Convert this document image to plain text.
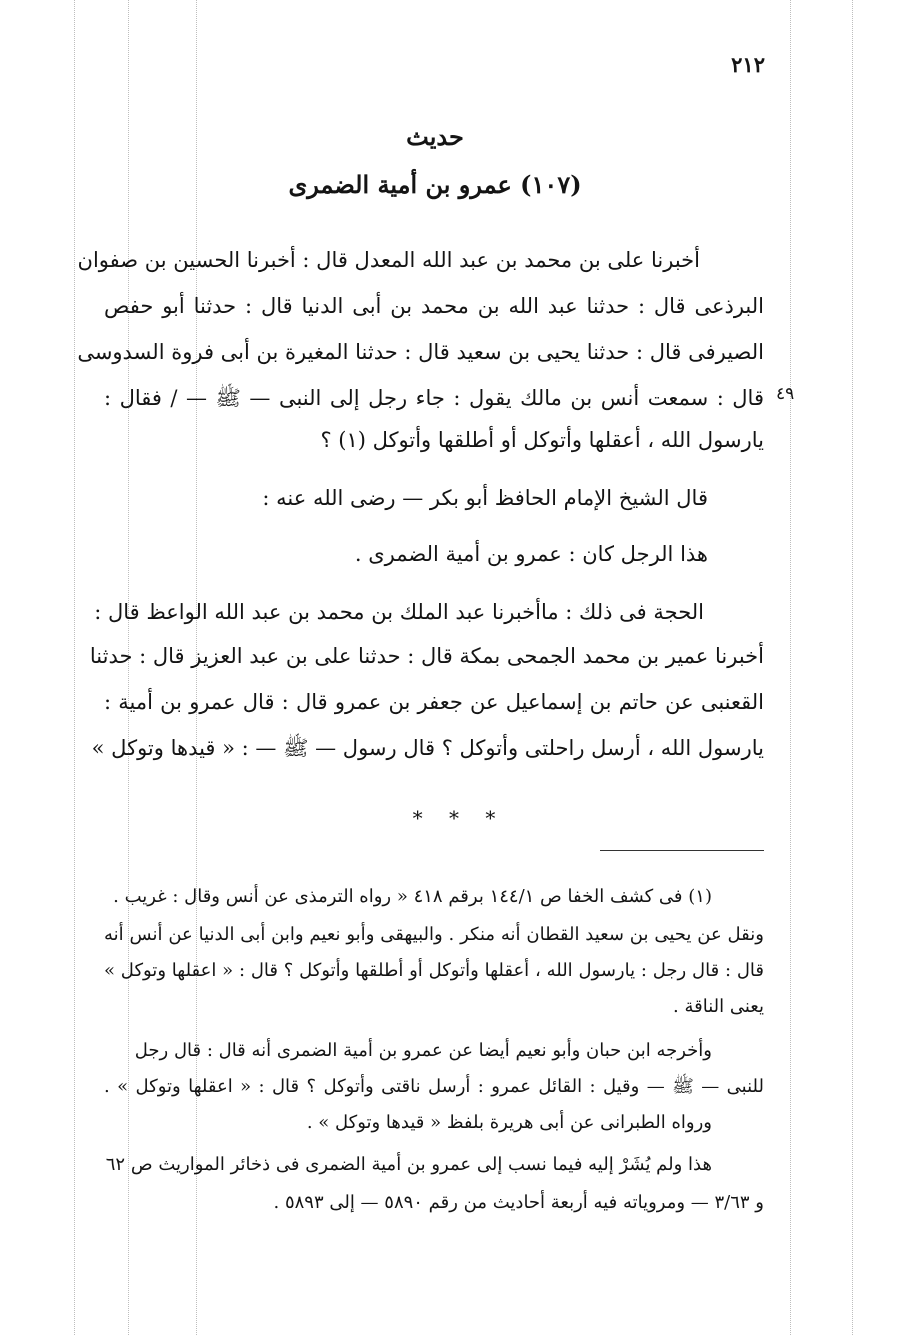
٢١٢
حديث
(١٠٧) عمرو بن أمية الضمرى
أخبرنا على بن محمد بن عبد الله المعدل قال : أخبرنا الحسين بن صفوان
البرذعى قال : حدثنا عبد الله بن محمد بن أبى الدنيا قال : حدثنا أبو حفص
الصيرفى قال : حدثنا يحيى بن سعيد قال : حدثنا المغيرة بن أبى فروة السدوسى
قال : سمعت أنس بن مالك يقول : جاء رجل إلى النبى — ﷺ — / فقال : ٤٩
يارسول الله ، أعقلها وأتوكل أو أطلقها وأتوكل (١) ؟
قال الشيخ الإمام الحافظ أبو بكر — رضى الله عنه :
هذا الرجل كان : عمرو بن أمية الضمرى .
الحجة فى ذلك : ماأخبرنا عبد الملك بن محمد بن عبد الله الواعظ قال :
أخبرنا عمير بن محمد الجمحى بمكة قال : حدثنا على بن عبد العزيز قال : حدثنا
القعنبى عن حاتم بن إسماعيل عن جعفر بن عمرو قال : قال عمرو بن أمية :
يارسول الله ، أرسل راحلتى وأتوكل ؟ قال رسول — ﷺ — : « قيدها وتوكل »
* * *
(١) فى كشف الخفا ص ١٤٤/١ برقم ٤١٨ « رواه الترمذى عن أنس وقال : غريب .
ونقل عن يحيى بن سعيد القطان أنه منكر . والبيهقى وأبو نعيم وابن أبى الدنيا عن أنس أنه
قال : قال رجل : يارسول الله ، أعقلها وأتوكل أو أطلقها وأتوكل ؟ قال : « اعقلها وتوكل »
يعنى الناقة .
وأخرجه ابن حبان وأبو نعيم أيضا عن عمرو بن أمية الضمرى أنه قال : قال رجل
للنبى — ﷺ — وقيل : القائل عمرو : أرسل ناقتى وأتوكل ؟ قال : « اعقلها وتوكل » .
ورواه الطبرانى عن أبى هريرة بلفظ « قيدها وتوكل » .
هذا ولم يُشَرْ إليه فيما نسب إلى عمرو بن أمية الضمرى فى ذخائر المواريث ص ٦٢
و ٣/٦٣ — ومروياته فيه أربعة أحاديث من رقم ٥٨٩٠ — إلى ٥٨٩٣ .
